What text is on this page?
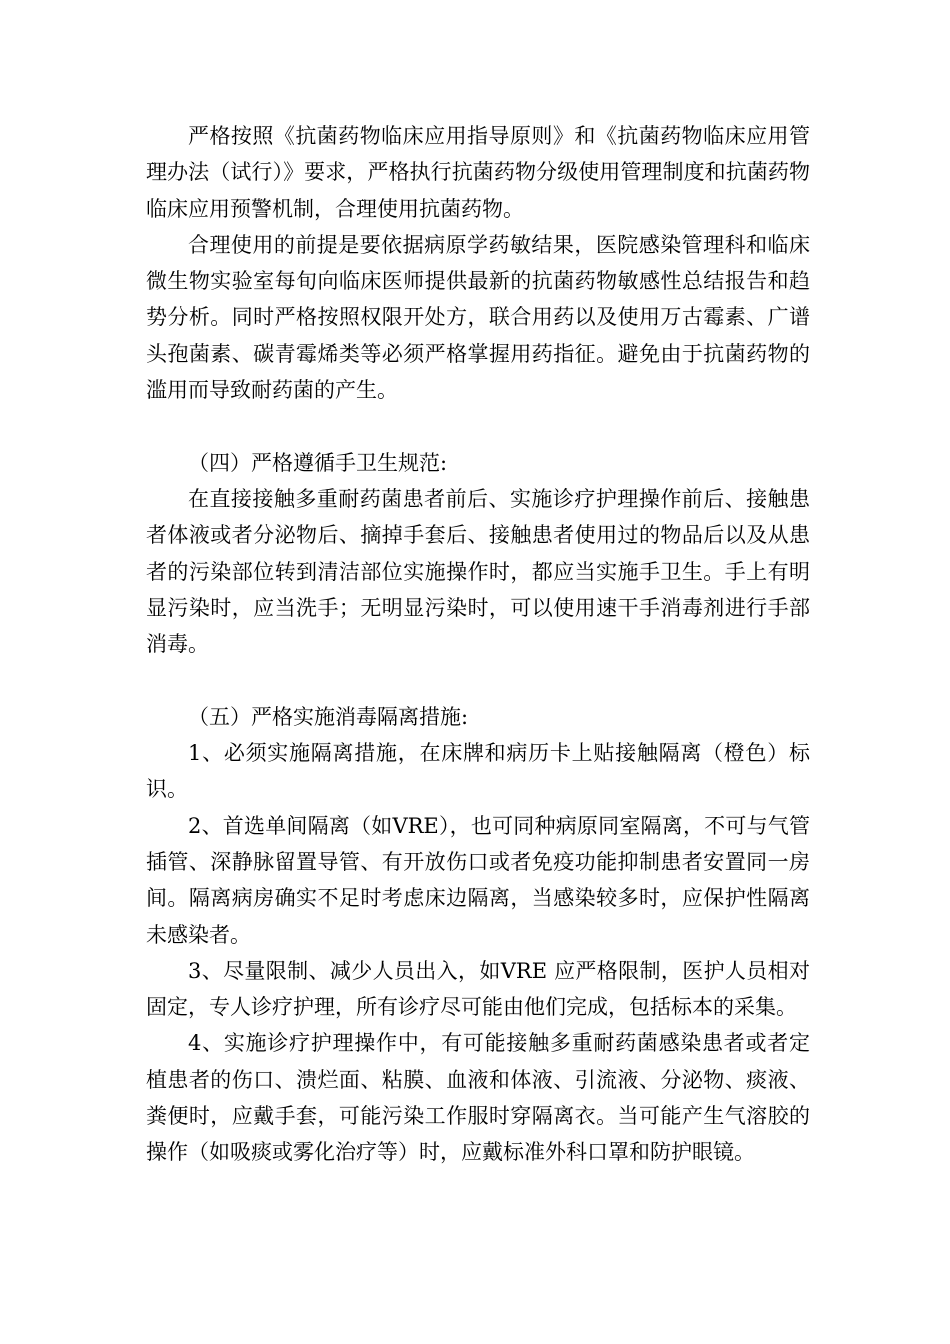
严格按照《抗菌药物临床应用指导原则》和《抗菌药物临床应用管理办法（试行）》要求，严格执行抗菌药物分级使用管理制度和抗菌药物临床应用预警机制，合理使用抗菌药物。

合理使用的前提是要依据病原学药敏结果，医院感染管理科和临床微生物实验室每旬向临床医师提供最新的抗菌药物敏感性总结报告和趋势分析。同时严格按照权限开处方，联合用药以及使用万古霉素、广谱头孢菌素、碳青霉烯类等必须严格掌握用药指征。避免由于抗菌药物的滥用而导致耐药菌的产生。

（四）严格遵循手卫生规范:

在直接接触多重耐药菌患者前后、实施诊疗护理操作前后、接触患者体液或者分泌物后、摘掉手套后、接触患者使用过的物品后以及从患者的污染部位转到清洁部位实施操作时，都应当实施手卫生。手上有明显污染时，应当洗手；无明显污染时，可以使用速干手消毒剂进行手部消毒。

（五）严格实施消毒隔离措施:

1、必须实施隔离措施，在床牌和病历卡上贴接触隔离（橙色）标识。

2、首选单间隔离（如VRE），也可同种病原同室隔离，不可与气管插管、深静脉留置导管、有开放伤口或者免疫功能抑制患者安置同一房间。隔离病房确实不足时考虑床边隔离，当感染较多时，应保护性隔离未感染者。

3、尽量限制、减少人员出入，如VRE 应严格限制，医护人员相对固定，专人诊疗护理，所有诊疗尽可能由他们完成，包括标本的采集。

4、实施诊疗护理操作中，有可能接触多重耐药菌感染患者或者定植患者的伤口、溃烂面、粘膜、血液和体液、引流液、分泌物、痰液、粪便时，应戴手套，可能污染工作服时穿隔离衣。当可能产生气溶胶的操作（如吸痰或雾化治疗等）时，应戴标准外科口罩和防护眼镜。
